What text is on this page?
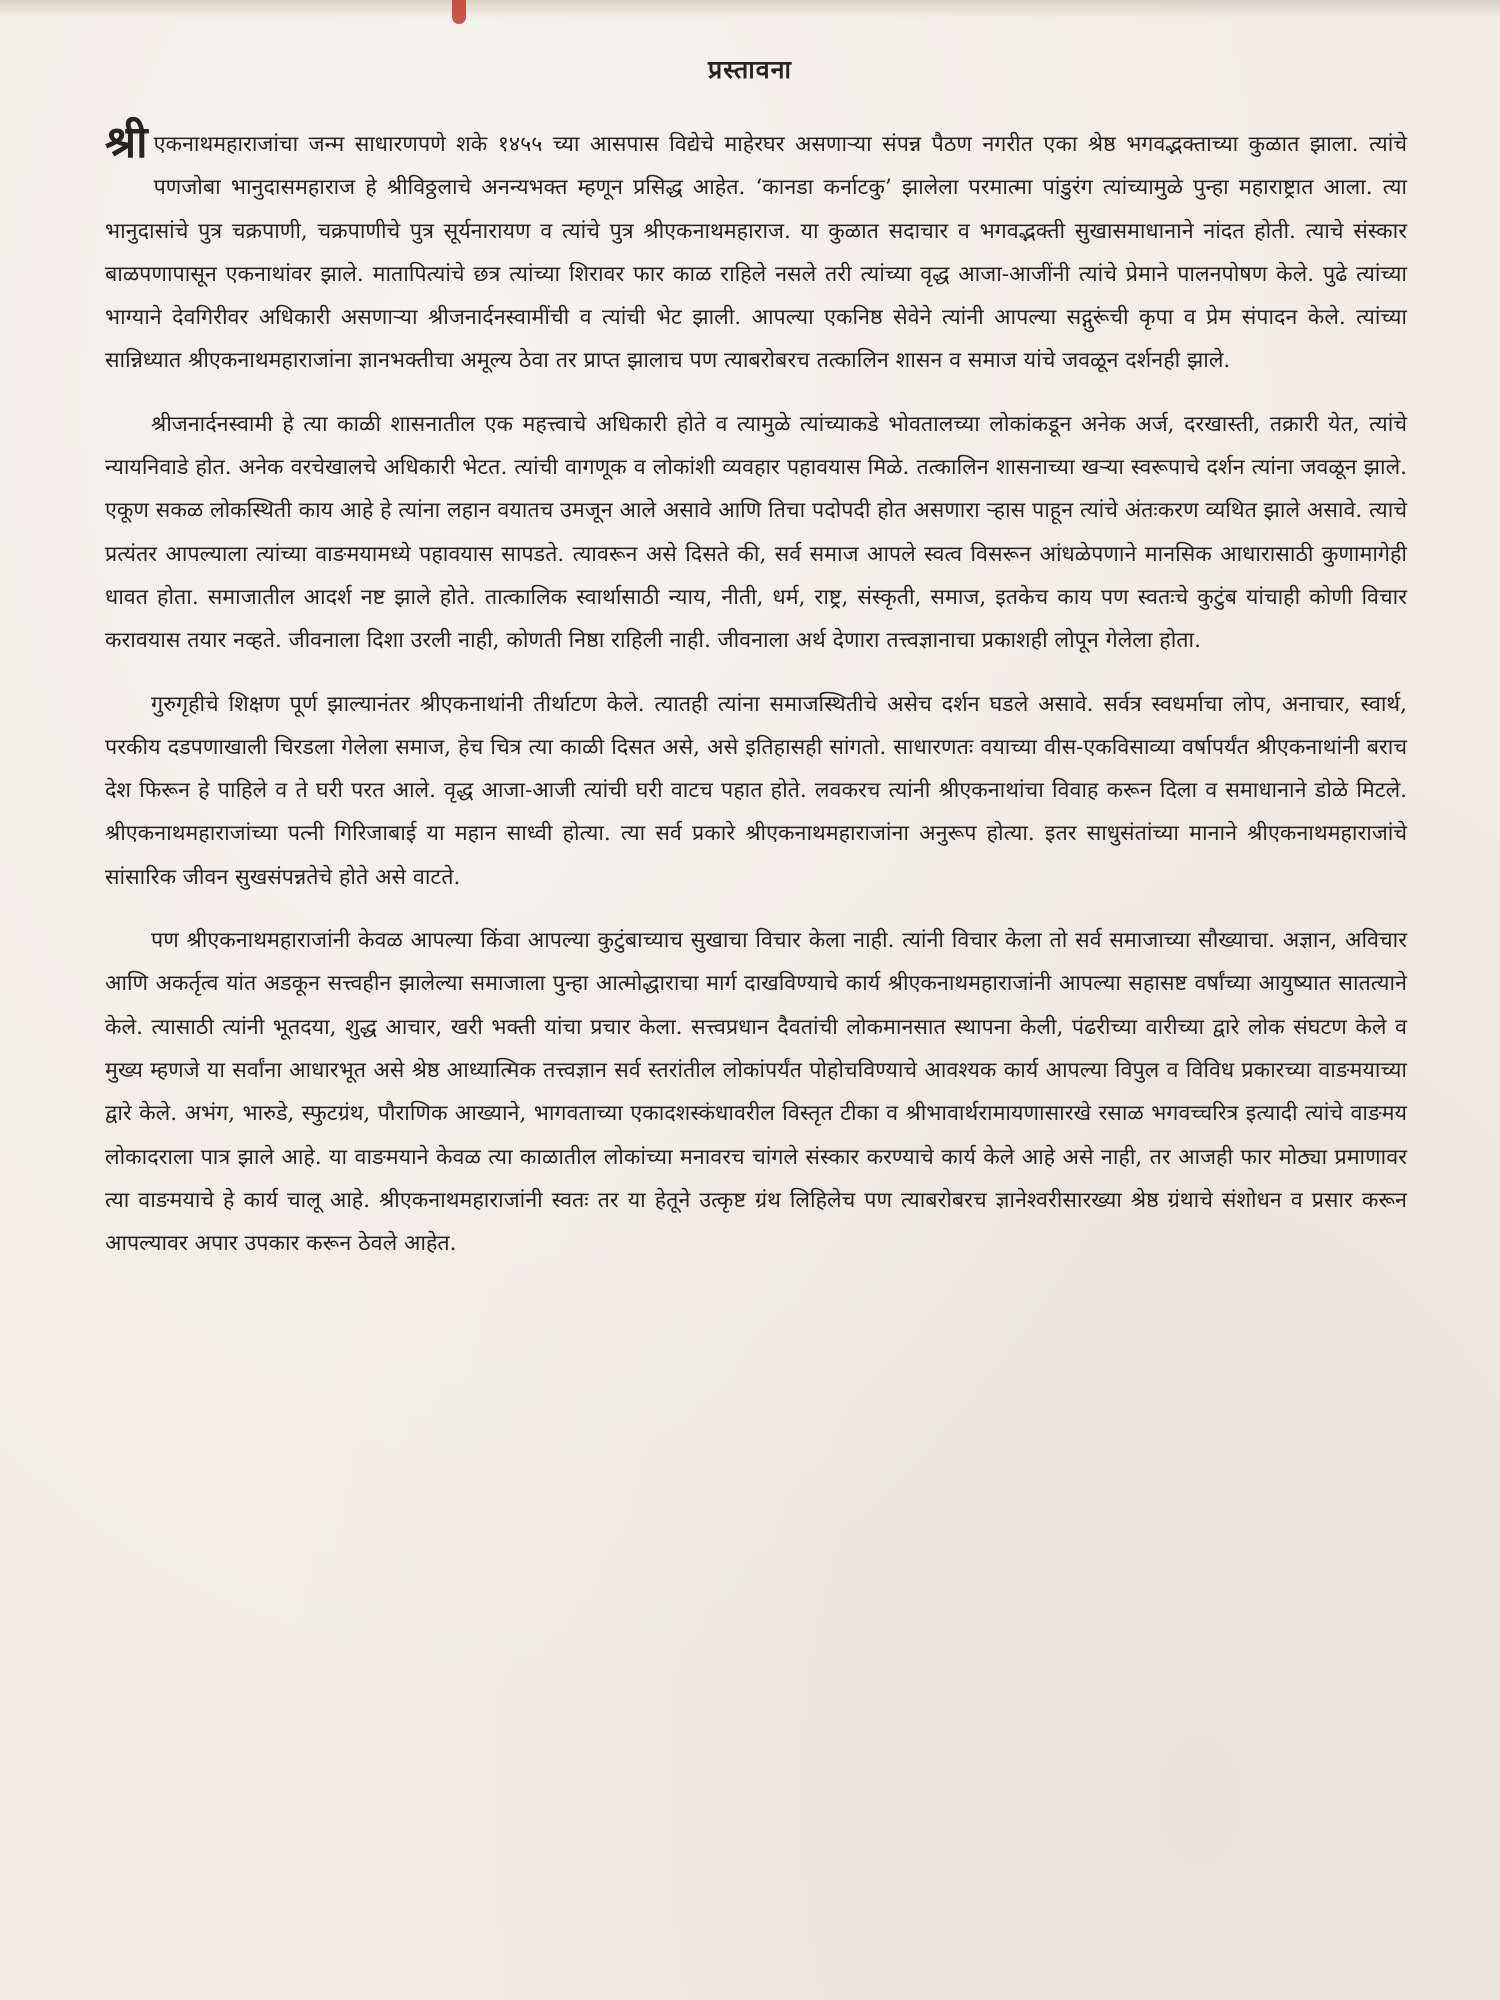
प्रस्तावना

श्री एकनाथमहाराजांचा जन्म साधारणपणे शके १४५५ च्या आसपास विद्येचे माहेरघर असणाऱ्या संपन्न पैठण नगरीत एका श्रेष्ठ भगवद्भक्ताच्या कुळात झाला. त्यांचे पणजोबा भानुदासमहाराज हे श्रीविठ्ठलाचे अनन्यभक्त म्हणून प्रसिद्ध आहेत. ‘कानडा कर्नाटकु’ झालेला परमात्मा पांडुरंग त्यांच्यामुळे पुन्हा महाराष्ट्रात आला. त्या भानुदासांचे पुत्र चक्रपाणी, चक्रपाणीचे पुत्र सूर्यनारायण व त्यांचे पुत्र श्रीएकनाथमहाराज. या कुळात सदाचार व भगवद्भक्ती सुखासमाधानाने नांदत होती. त्याचे संस्कार बाळपणापासून एकनाथांवर झाले. मातापित्यांचे छत्र त्यांच्या शिरावर फार काळ राहिले नसले तरी त्यांच्या वृद्ध आजा-आजींनी त्यांचे प्रेमाने पालनपोषण केले. पुढे त्यांच्या भाग्याने देवगिरीवर अधिकारी असणाऱ्या श्रीजनार्दनस्वामींची व त्यांची भेट झाली. आपल्या एकनिष्ठ सेवेने त्यांनी आपल्या सद्गुरूंची कृपा व प्रेम संपादन केले. त्यांच्या सान्निध्यात श्रीएकनाथमहाराजांना ज्ञानभक्तीचा अमूल्य ठेवा तर प्राप्त झालाच पण त्याबरोबरच तत्कालिन शासन व समाज यांचे जवळून दर्शनही झाले.

श्रीजनार्दनस्वामी हे त्या काळी शासनातील एक महत्त्वाचे अधिकारी होते व त्यामुळे त्यांच्याकडे भोवतालच्या लोकांकडून अनेक अर्ज, दरखास्ती, तक्रारी येत, त्यांचे न्यायनिवाडे होत. अनेक वरचेखालचे अधिकारी भेटत. त्यांची वागणूक व लोकांशी व्यवहार पहावयास मिळे. तत्कालिन शासनाच्या खऱ्या स्वरूपाचे दर्शन त्यांना जवळून झाले. एकूण सकळ लोकस्थिती काय आहे हे त्यांना लहान वयातच उमजून आले असावे आणि तिचा पदोपदी होत असणारा ऱ्हास पाहून त्यांचे अंतःकरण व्यथित झाले असावे. त्याचे प्रत्यंतर आपल्याला त्यांच्या वाङमयामध्ये पहावयास सापडते. त्यावरून असे दिसते की, सर्व समाज आपले स्वत्व विसरून आंधळेपणाने मानसिक आधारासाठी कुणामागेही धावत होता. समाजातील आदर्श नष्ट झाले होते. तात्कालिक स्वार्थासाठी न्याय, नीती, धर्म, राष्ट्र, संस्कृती, समाज, इतकेच काय पण स्वतःचे कुटुंब यांचाही कोणी विचार करावयास तयार नव्हते. जीवनाला दिशा उरली नाही, कोणती निष्ठा राहिली नाही. जीवनाला अर्थ देणारा तत्त्वज्ञानाचा प्रकाशही लोपून गेलेला होता.

गुरुगृहीचे शिक्षण पूर्ण झाल्यानंतर श्रीएकनाथांनी तीर्थाटण केले. त्यातही त्यांना समाजस्थितीचे असेच दर्शन घडले असावे. सर्वत्र स्वधर्माचा लोप, अनाचार, स्वार्थ, परकीय दडपणाखाली चिरडला गेलेला समाज, हेच चित्र त्या काळी दिसत असे, असे इतिहासही सांगतो. साधारणतः वयाच्या वीस-एकविसाव्या वर्षापर्यंत श्रीएकनाथांनी बराच देश फिरून हे पाहिले व ते घरी परत आले. वृद्ध आजा-आजी त्यांची घरी वाटच पहात होते. लवकरच त्यांनी श्रीएकनाथांचा विवाह करून दिला व समाधानाने डोळे मिटले. श्रीएकनाथमहाराजांच्या पत्नी गिरिजाबाई या महान साध्वी होत्या. त्या सर्व प्रकारे श्रीएकनाथमहाराजांना अनुरूप होत्या. इतर साधुसंतांच्या मानाने श्रीएकनाथमहाराजांचे सांसारिक जीवन सुखसंपन्नतेचे होते असे वाटते.

पण श्रीएकनाथमहाराजांनी केवळ आपल्या किंवा आपल्या कुटुंबाच्याच सुखाचा विचार केला नाही. त्यांनी विचार केला तो सर्व समाजाच्या सौख्याचा. अज्ञान, अविचार आणि अकर्तृत्व यांत अडकून सत्त्वहीन झालेल्या समाजाला पुन्हा आत्मोद्धाराचा मार्ग दाखविण्याचे कार्य श्रीएकनाथमहाराजांनी आपल्या सहासष्ट वर्षांच्या आयुष्यात सातत्याने केले. त्यासाठी त्यांनी भूतदया, शुद्ध आचार, खरी भक्ती यांचा प्रचार केला. सत्त्वप्रधान दैवतांची लोकमानसात स्थापना केली, पंढरीच्या वारीच्या द्वारे लोक संघटण केले व मुख्य म्हणजे या सर्वांना आधारभूत असे श्रेष्ठ आध्यात्मिक तत्त्वज्ञान सर्व स्तरांतील लोकांपर्यंत पोहोचविण्याचे आवश्यक कार्य आपल्या विपुल व विविध प्रकारच्या वाङमयाच्या द्वारे केले. अभंग, भारुडे, स्फुटग्रंथ, पौराणिक आख्याने, भागवताच्या एकादशस्कंधावरील विस्तृत टीका व श्रीभावार्थरामायणासारखे रसाळ भगवच्चरित्र इत्यादी त्यांचे वाङमय लोकादराला पात्र झाले आहे. या वाङमयाने केवळ त्या काळातील लोकांच्या मनावरच चांगले संस्कार करण्याचे कार्य केले आहे असे नाही, तर आजही फार मोठ्या प्रमाणावर त्या वाङमयाचे हे कार्य चालू आहे. श्रीएकनाथमहाराजांनी स्वतः तर या हेतूने उत्कृष्ट ग्रंथ लिहिलेच पण त्याबरोबरच ज्ञानेश्वरीसारख्या श्रेष्ठ ग्रंथाचे संशोधन व प्रसार करून आपल्यावर अपार उपकार करून ठेवले आहेत.
